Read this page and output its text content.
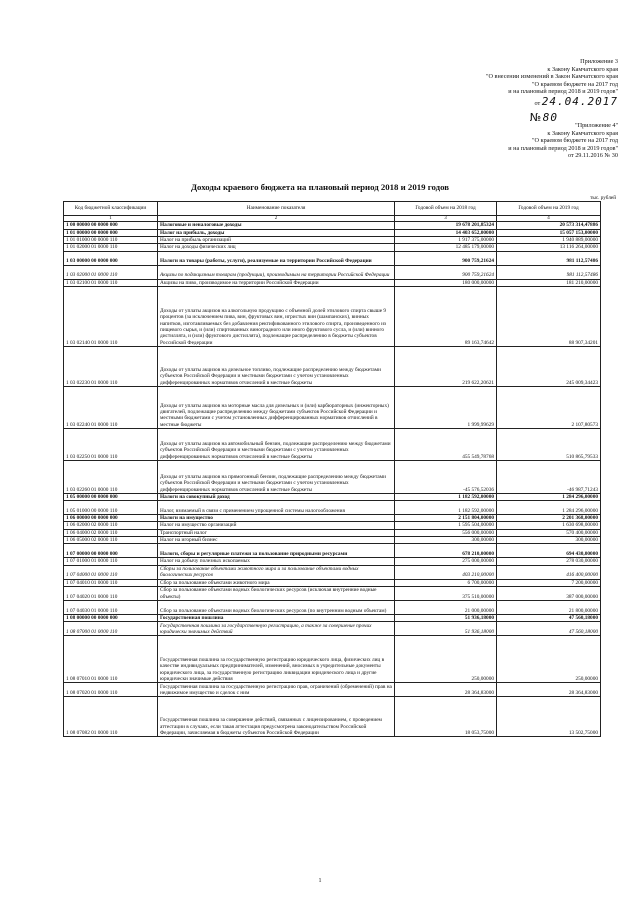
Приложение 3
к Закону Камчатского края
"О внесении изменений в Закон Камчатского края
"О краевом бюджете на 2017 год
и на плановый период 2018 и 2019 годов"
от 24.04.2017
№ 80
"Приложение 4"
к Закону Камчатского края
"О краевом бюджете на 2017 год
и на плановый период 2018 и 2019 годов"
от 29.11.2016 № 30
Доходы краевого бюджета на плановый период 2018 и 2019 годов
тыс. рублей
Код бюджетной классификации	Наименование показателя	Годовой объем на 2018 год	Годовой объем на 2019 год
1	2	3	4
1 00 00000 00 0000 000	Налоговые и неналоговые доходы	19 678 201,85324	20 573 314,47886
1 01 00000 00 0000 000	Налог на прибыль, доходы	14 403 652,00000	15 057 153,00000
1 01 01000 00 0000 110	Налог на прибыль организаций	1 917 375,00000	1 940 889,00000
1 01 02000 01 0000 110	Налог на доходы физических лиц	12 485 179,00000	13 116 264,00000
1 03 00000 00 0000 000	Налоги на товары (работы, услуги), реализуемые на территории Российской Федерации	900 759,21624	981 112,57486
1 03 02000 01 0000 110	Акцизы по подакцизным товарам (продукции), производимым на территории Российской Федерации	900 759,21624	981 112,57486
1 03 02100 01 0000 110	Акцизы на пиво, производимое на территории Российской Федерации	180 000,00000	181 210,00000
1 03 02140 01 0000 110	Доходы от уплаты акцизов на алкогольную продукцию с объемной долей этилового спирта свыше 9 процентов (за исключением пива, вин, фруктовых вин, игристых вин (шампанских), винных напитков, изготавливаемых без добавления ректификованного этилового спирта, произведенного из пищевого сырья, и (или) спиртованных виноградного или иного фруктового сусла, и (или) винного дистиллята, и (или) фруктового дистиллята), подлежащие распределению в бюджеты субъектов Российской Федерации	89 163,74642	88 907,34201
1 03 02230 01 0000 110	Доходы от уплаты акцизов на дизельное топливо, подлежащие распределению между бюджетами субъектов Российской Федерации и местными бюджетами с учетом установленных дифференцированных нормативов отчислений в местные бюджеты	219 622,20621	245 009,34423
1 03 02240 01 0000 110	Доходы от уплаты акцизов на моторные масла для дизельных и (или) карбюраторных (инжекторных) двигателей, подлежащие распределению между бюджетами субъектов Российской Федерации и местными бюджетами с учетом установленных дифференцированных нормативов отчислений в местные бюджеты	1 999,99629	2 107,80573
1 03 02250 01 0000 110	Доходы от уплаты акцизов на автомобильный бензин, подлежащие распределению между бюджетами субъектов Российской Федерации и местными бюджетами с учетом установленных дифференцированных нормативов отчислений в местные бюджеты	455 549,78768	510 865,79533
1 03 02260 01 0000 110	Доходы от уплаты акцизов на прямогонный бензин, подлежащие распределению между бюджетами субъектов Российской Федерации и местными бюджетами с учетом установленных дифференцированных нормативов отчислений в местные бюджеты	-45 576,52036	-46 987,71243
1 05 00000 00 0000 000	Налоги на совокупный доход	1 182 592,00000	1 284 296,00000
1 05 01000 00 0000 110	Налог, взимаемый в связи с применением упрощенной системы налогообложения	1 182 592,00000	1 284 296,00000
1 06 00000 00 0000 000	Налоги на имущество	2 151 804,00000	2 201 368,00000
1 06 02000 02 0000 110	Налог на имущество организаций	1 595 504,00000	1 630 698,00000
1 06 04000 02 0000 110	Транспортный налог	556 000,00000	570 400,00000
1 06 05000 02 0000 110	Налог на игорный бизнес	300,00000	300,00000
1 07 00000 00 0000 000	Налоги, сборы и регулярные платежи за пользование природными ресурсами	678 210,00000	694 430,00000
1 07 01000 01 0000 110	Налог на добычу полезных ископаемых	275 000,00000	278 030,00000
1 07 04000 01 0000 110	Сборы за пользование объектами животного мира и за пользование объектами водных биологических ресурсов	403 210,00000	416 400,00000
1 07 04010 01 0000 110	Сбор за пользование объектами животного мира	6 700,00000	7 200,00000
1 07 04020 01 0000 110	Сбор за пользование объектами водных биологических ресурсов (исключая внутренние водные объекты)	375 510,00000	387 000,00000
1 07 04030 01 0000 110	Сбор за пользование объектами водных биологических ресурсов (по внутренним водным объектам)	21 000,00000	21 800,00000
1 08 00000 00 0000 000	Государственная пошлина	51 936,18000	47 560,18000
1 08 07000 01 0000 110	Государственная пошлина за государственную регистрацию, а также за совершение прочих юридически значимых действий	51 936,18000	47 560,18000
1 08 07010 01 0000 110	Государственная пошлина за государственную регистрацию юридического лица, физических лиц в качестве индивидуальных предпринимателей, изменений, вносимых в учредительные документы юридического лица, за государственную регистрацию ликвидации юридического лица и другие юридически значимые действия	250,00000	250,00000
1 08 07020 01 0000 110	Государственная пошлина за государственную регистрацию прав, ограничений (обременений) прав на недвижимое имущество и сделок с ним	28 364,83000	28 364,83000
1 08 07082 01 0000 110	Государственная пошлина за совершение действий, связанных с лицензированием, с проведением аттестации в случаях, если такая аттестация предусмотрена законодательством Российской Федерации, зачисляемая в бюджеты субъектов Российской Федерации	18 053,75000	13 502,75000
1
